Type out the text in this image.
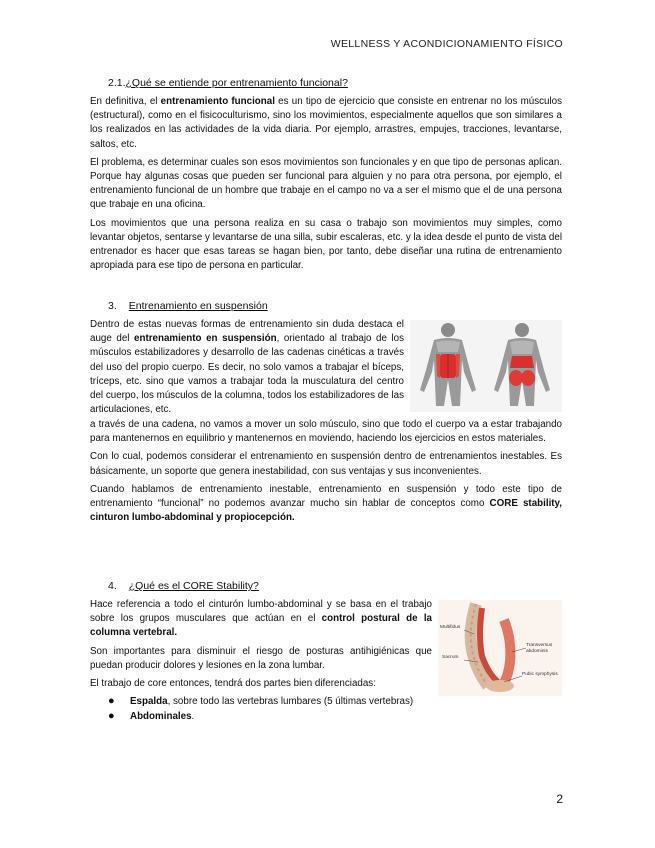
WELLNESS Y ACONDICIONAMIENTO FÍSICO
2.1.¿Qué se entiende por entrenamiento funcional?

En definitiva, el entrenamiento funcional es un tipo de ejercicio que consiste en entrenar no los músculos (estructural), como en el fisicoculturismo, sino los movimientos, especialmente aquellos que son similares a los realizados en las actividades de la vida diaria. Por ejemplo, arrastres, empujes, tracciones, levantarse, saltos, etc.

El problema, es determinar cuales son esos movimientos son funcionales y en que tipo de personas aplican. Porque hay algunas cosas que pueden ser funcional para alguien y no para otra persona, por ejemplo, el entrenamiento funcional de un hombre que trabaje en el campo no va a ser el mismo que el de una persona que trabaje en una oficina.

Los movimientos que una persona realiza en su casa o trabajo son movimientos muy simples, como levantar objetos, sentarse y levantarse de una silla, subir escaleras, etc. y la idea desde el punto de vista del entrenador es hacer que esas tareas se hagan bien, por tanto, debe diseñar una rutina de entrenamiento apropiada para ese tipo de persona en particular.

3. Entrenamiento en suspensión

Dentro de estas nuevas formas de entrenamiento sin duda destaca el auge del entrenamiento en suspensión, orientado al trabajo de los músculos estabilizadores y desarrollo de las cadenas cinéticas a través del uso del propio cuerpo. Es decir, no solo vamos a trabajar el bíceps, tríceps, etc. sino que vamos a trabajar toda la musculatura del centro del cuerpo, los músculos de la columna, todos los estabilizadores de las articulaciones, etc.

a través de una cadena, no vamos a mover un solo músculo, sino que todo el cuerpo va a estar trabajando para mantenernos en equilibrio y mantenernos en moviendo, haciendo los ejercicios en estos materiales.

Con lo cual, podemos considerar el entrenamiento en suspensión dentro de entrenamientos inestables. Es básicamente, un soporte que genera inestabilidad, con sus ventajas y sus inconvenientes.

Cuando hablamos de entrenamiento inestable, entrenamiento en suspensión y todo este tipo de entrenamiento “funcional” no podemos avanzar mucho sin hablar de conceptos como CORE stability, cinturon lumbo-abdominal y propiocepción.

4. ¿Qué es el CORE Stability?

Hace referencia a todo el cinturón lumbo-abdominal y se basa en el trabajo sobre los grupos musculares que actúan en el control postural de la columna vertebral.

Son importantes para disminuir el riesgo de posturas antihigiénicas que puedan producir dolores y lesiones en la zona lumbar.

El trabajo de core entonces, tendrá dos partes bien diferenciadas:

● Espalda, sobre todo las vertebras lumbares (5 últimas vertebras)
● Abdominales.
Multifidus
Sacrum
Transversus abdominis
Pubic symphysis
2
